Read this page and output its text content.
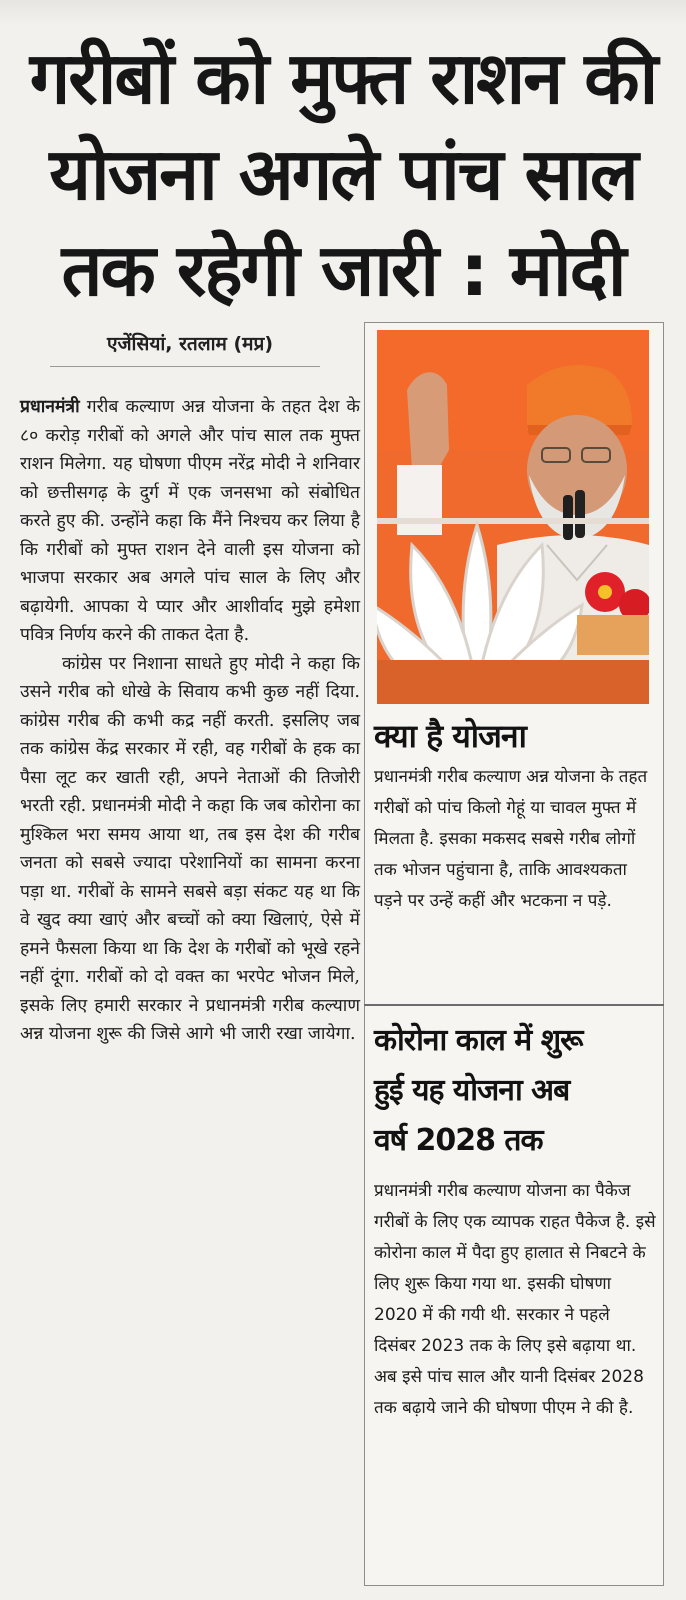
गरीबों को मुफ्त राशन की
योजना अगले पांच साल
तक रहेगी जारी : मोदी
एजेंसियां, रतलाम (मप्र)

प्रधानमंत्री गरीब कल्याण अन्न योजना के तहत देश के ८० करोड़ गरीबों को अगले और पांच साल तक मुफ्त राशन मिलेगा. यह घोषणा पीएम नरेंद्र मोदी ने शनिवार को छत्तीसगढ़ के दुर्ग में एक जनसभा को संबोधित करते हुए की. उन्होंने कहा कि मैंने निश्चय कर लिया है कि गरीबों को मुफ्त राशन देने वाली इस योजना को भाजपा सरकार अब अगले पांच साल के लिए और बढ़ायेगी. आपका ये प्यार और आशीर्वाद मुझे हमेशा पवित्र निर्णय करने की ताकत देता है.

कांग्रेस पर निशाना साधते हुए मोदी ने कहा कि उसने गरीब को धोखे के सिवाय कभी कुछ नहीं दिया. कांग्रेस गरीब की कभी कद्र नहीं करती. इसलिए जब तक कांग्रेस केंद्र सरकार में रही, वह गरीबों के हक का पैसा लूट कर खाती रही, अपने नेताओं की तिजोरी भरती रही. प्रधानमंत्री मोदी ने कहा कि जब कोरोना का मुश्किल भरा समय आया था, तब इस देश की गरीब जनता को सबसे ज्यादा परेशानियों का सामना करना पड़ा था. गरीबों के सामने सबसे बड़ा संकट यह था कि वे खुद क्या खाएं और बच्चों को क्या खिलाएं, ऐसे में हमने फैसला किया था कि देश के गरीबों को भूखे रहने नहीं दूंगा. गरीबों को दो वक्त का भरपेट भोजन मिले, इसके लिए हमारी सरकार ने प्रधानमंत्री गरीब कल्याण अन्न योजना शुरू की जिसे आगे भी जारी रखा जायेगा.

क्या है योजना

प्रधानमंत्री गरीब कल्याण अन्न योजना के तहत गरीबों को पांच किलो गेहूं या चावल मुफ्त में मिलता है. इसका मकसद सबसे गरीब लोगों तक भोजन पहुंचाना है, ताकि आवश्यकता पड़ने पर उन्हें कहीं और भटकना न पड़े.

कोरोना काल में शुरू
हुई यह योजना अब
वर्ष 2028 तक

प्रधानमंत्री गरीब कल्याण योजना का पैकेज गरीबों के लिए एक व्यापक राहत पैकेज है. इसे कोरोना काल में पैदा हुए हालात से निबटने के लिए शुरू किया गया था. इसकी घोषणा 2020 में की गयी थी. सरकार ने पहले दिसंबर 2023 तक के लिए इसे बढ़ाया था. अब इसे पांच साल और यानी दिसंबर 2028 तक बढ़ाये जाने की घोषणा पीएम ने की है.
